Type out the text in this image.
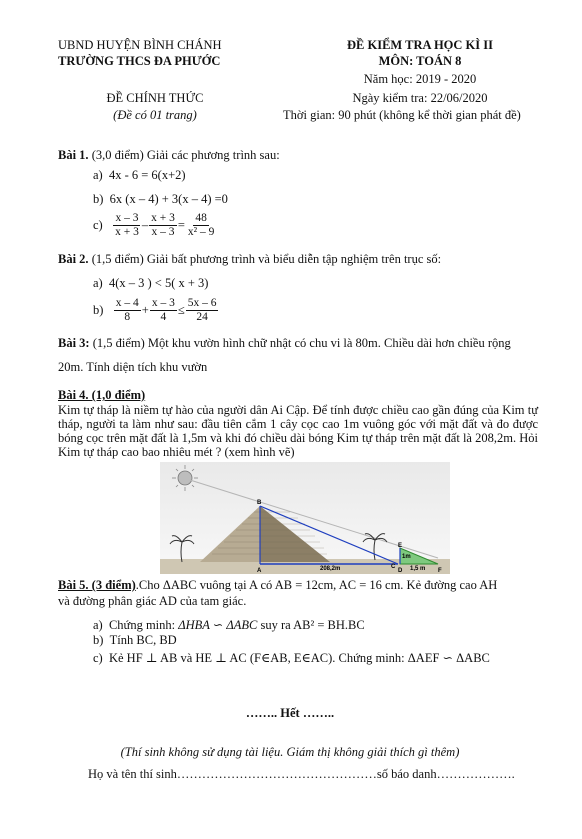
UBND HUYỆN BÌNH CHÁNH
TRƯỜNG THCS ĐA PHƯỚC
ĐỀ KIỂM TRA HỌC KÌ II
MÔN: TOÁN 8
Năm học: 2019 - 2020
Ngày kiểm tra: 22/06/2020
ĐỀ CHÍNH THỨC
(Đề có 01 trang)	Thời gian: 90 phút (không kể thời gian phát đề)
Bài 1. (3,0 điểm) Giải các phương trình sau:
a) 4x - 6 = 6(x+2)
b) 6x (x – 4) + 3(x – 4) =0
c)
$\frac{x - 3}{x + 3} - \frac{x + 3}{x - 3} = \frac{48}{\text{x² – 9}}$
Bài 2. (1,5 điểm) Giải bất phương trình và biểu diễn tập nghiệm trên trục số:
a) 4(x – 3 ) < 5( x + 3)
b)
$\frac{x - 4}{8} + \frac{x - 3}{4} \le \frac{5x - 6}{24}$
Bài 3: (1,5 điểm) Một khu vườn hình chữ nhật có chu vi là 80m. Chiều dài hơn chiều rộng
20m. Tính diện tích khu vườn
Bài 4. (1,0 điểm)
Kim tự tháp là niềm tự hào của người dân Ai Cập. Để tính được chiều cao gần đúng của Kim tự tháp, người ta làm như sau: đầu tiên cắm 1 cây cọc cao 1m vuông góc với mặt đất và đo được bóng cọc trên mặt đất là 1,5m và khi đó chiều dài bóng Kim tự tháp trên mặt đất là 208,2m. Hỏi Kim tự tháp cao bao nhiêu mét ? (xem hình vẽ)
B
A
C
D
E
F
208,2m
1m
1,5 m
Bài 5. (3 điểm).Cho ΔABC vuông tại A có AB = 12cm, AC = 16 cm. Kẻ đường cao AH
và đường phân giác AD của tam giác.
a) Chứng minh: ΔHBA ∽ ΔABC suy ra AB² = BH.BC
b) Tính BC, BD
c) Kẻ HF ⊥ AB và HE ⊥ AC (F∈AB, E∈AC). Chứng minh: ΔAEF ∽ ΔABC
…….. Hết ……..
(Thí sinh không sử dụng tài liệu. Giám thị không giải thích gì thêm)
Họ và tên thí sinh…………………………………………số báo danh……………….
